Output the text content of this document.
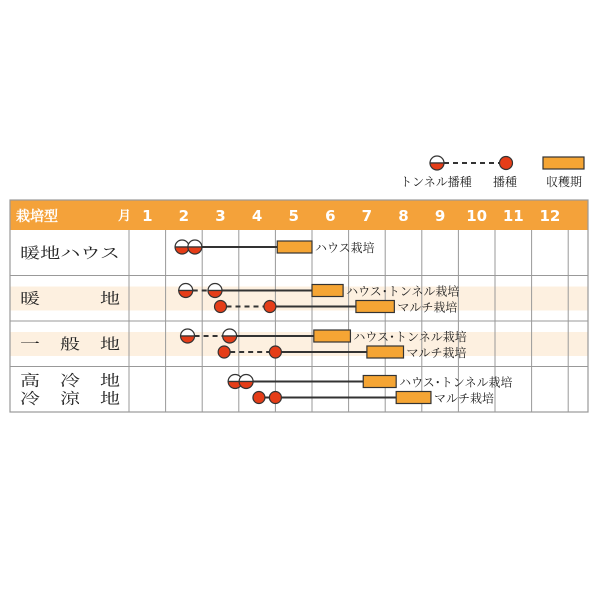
トンネル播種 播種 収穫期
栽培型	月 1 2 3 4 5 6 7 8 9 10 11 12
暖地ハウス
暖　　　地
一　般　地
高　冷　地
冷　涼　地
ハウス栽培
ハウス･トンネル栽培
マルチ栽培
ハウス･トンネル栽培
マルチ栽培
ハウス･トンネル栽培
マルチ栽培
